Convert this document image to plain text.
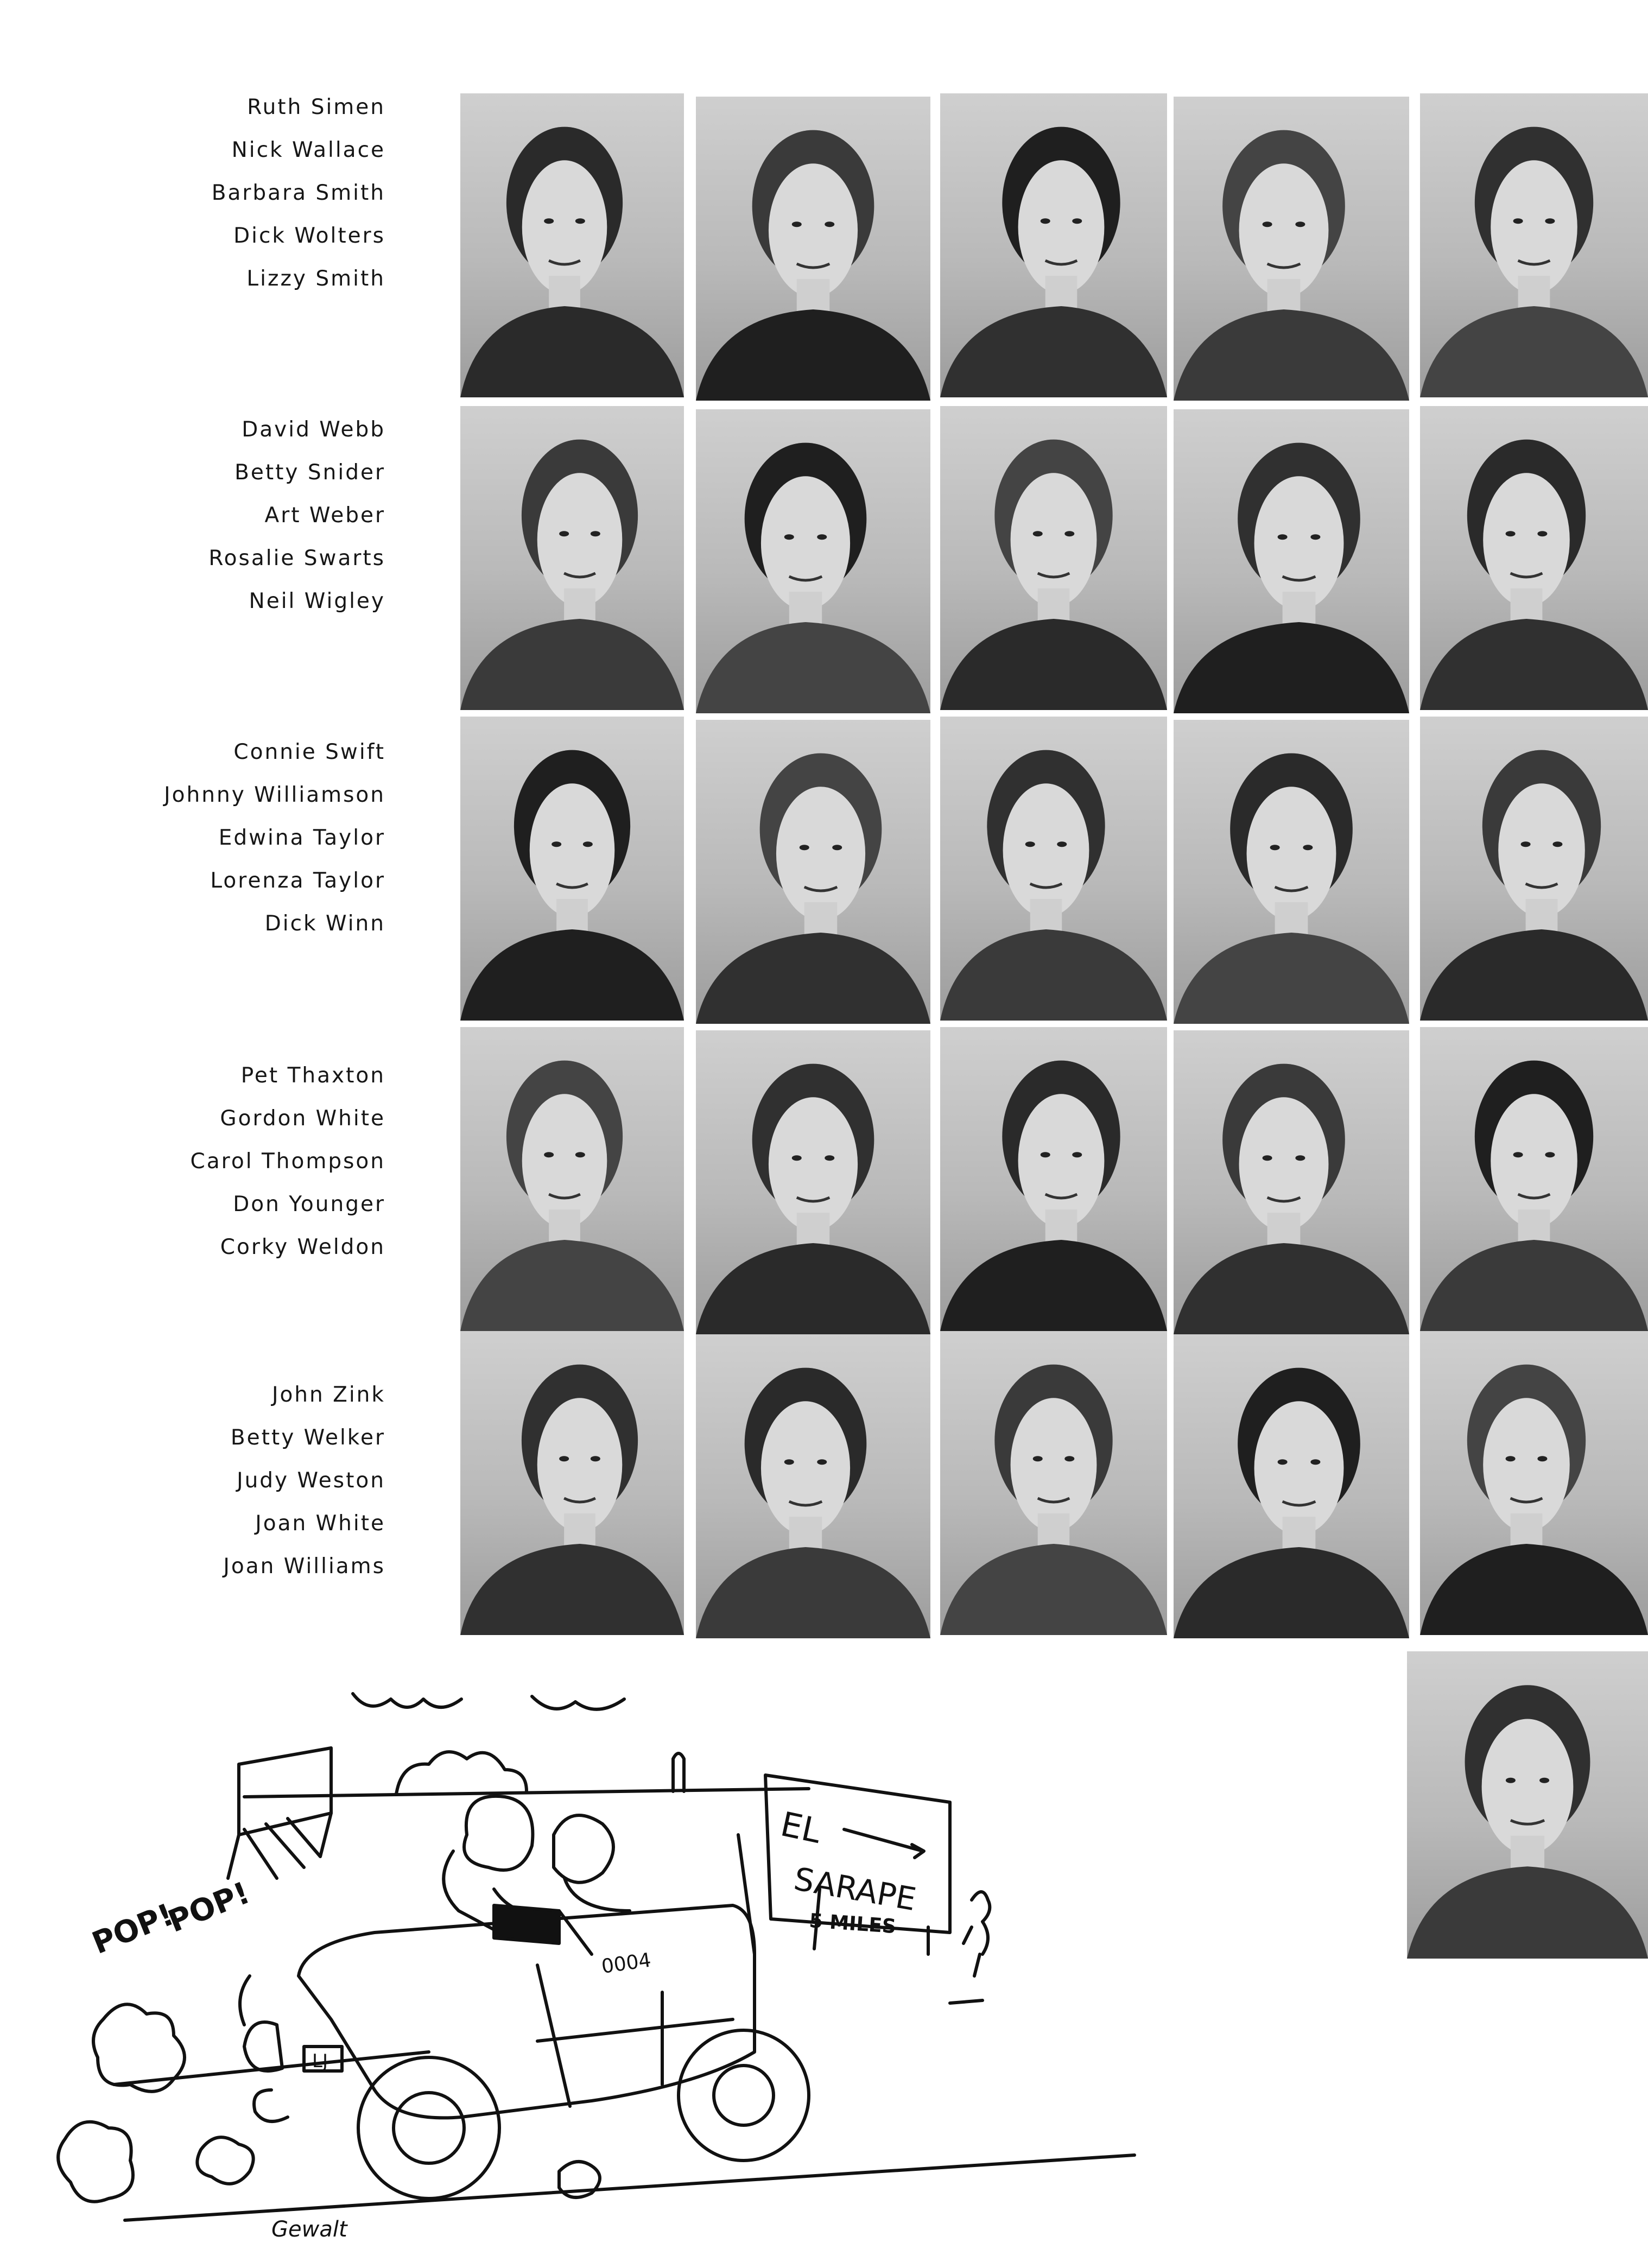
Ruth Simen
Nick Wallace
Barbara Smith
Dick Wolters
Lizzy Smith
David Webb
Betty Snider
Art Weber
Rosalie Swarts
Neil Wigley
Connie Swift
Johnny Williamson
Edwina Taylor
Lorenza Taylor
Dick Winn
Pet Thaxton
Gordon White
Carol Thompson
Don Younger
Corky Weldon
John Zink
Betty Welker
Judy Weston
Joan White
Joan Williams
EL
SARAPE
5 MILES
LJ
0004
POP!
POP!
Gewalt
